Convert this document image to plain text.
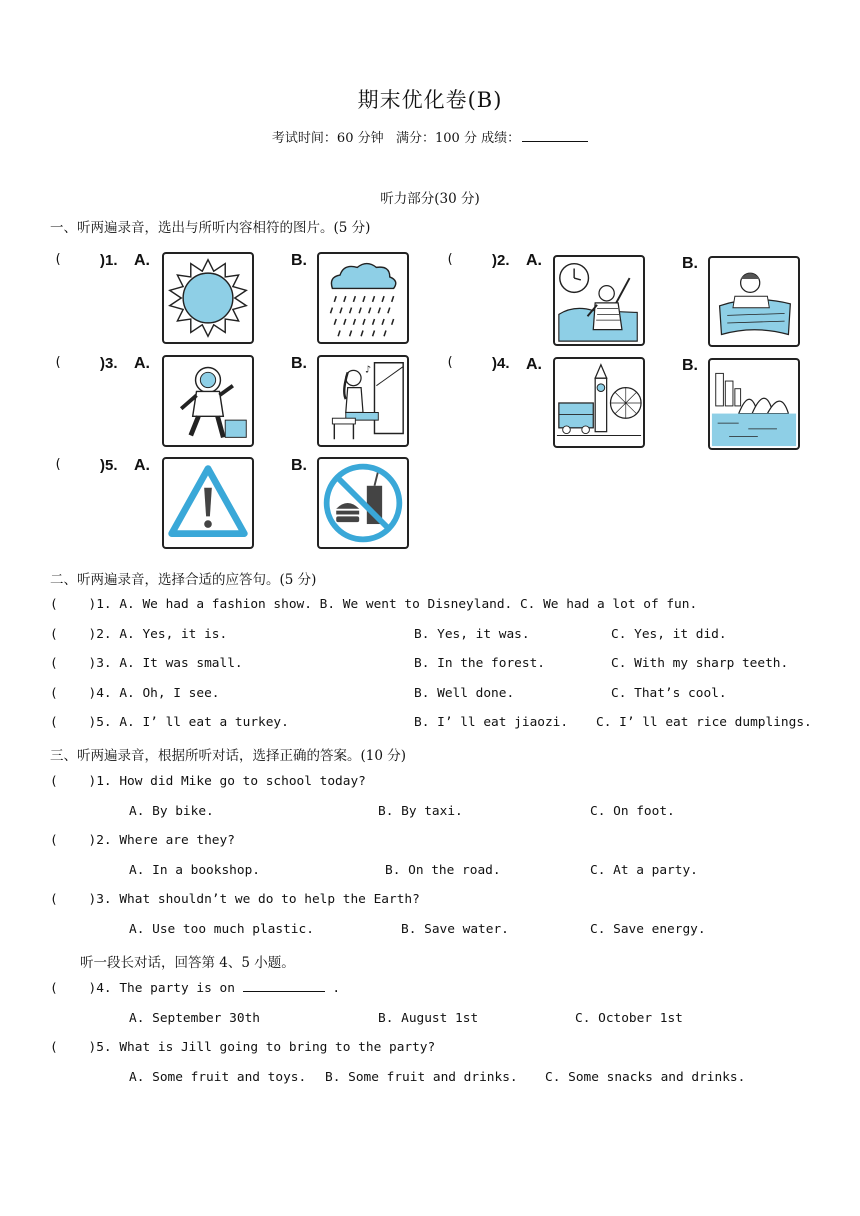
期末优化卷(B)
考试时间：60 分钟   满分：100 分 成绩：
听力部分(30 分)
一、听两遍录音，选出与所听内容相符的图片。(5 分)
(	)1. A.	B.	(	)2. A.	B.
(	)3. A.	B.	♪	(	)4. A.	B.
(	)5. A.	B.
二、听两遍录音，选择合适的应答句。(5 分)
(    )1. A. We had a fashion show. B. We went to Disneyland. C. We had a lot of fun.
(    )2. A. Yes, it is.	B. Yes, it was.	C. Yes, it did.
(    )3. A. It was small.	B. In the forest.	C. With my sharp teeth.
(    )4. A. Oh, I see.	B. Well done.	C. That’s cool.
(    )5. A. I’ ll eat a turkey.	B. I’ ll eat jiaozi. C. I’ ll eat rice dumplings.
三、听两遍录音，根据所听对话，选择正确的答案。(10 分)
(    )1. How did Mike go to school today?
A. By bike.	B. By taxi.	C. On foot.
(    )2. Where are they?
A. In a bookshop.	B. On the road.	C. At a party.
(    )3. What shouldn’t we do to help the Earth?
A. Use too much plastic.	B. Save water.	C. Save energy.
听一段长对话，回答第 4、5 小题。
(    )4. The party is on	.
A. September 30th	B. August 1st	C. October 1st
(    )5. What is Jill going to bring to the party?
A. Some fruit and toys. B. Some fruit and drinks. C. Some snacks and drinks.
